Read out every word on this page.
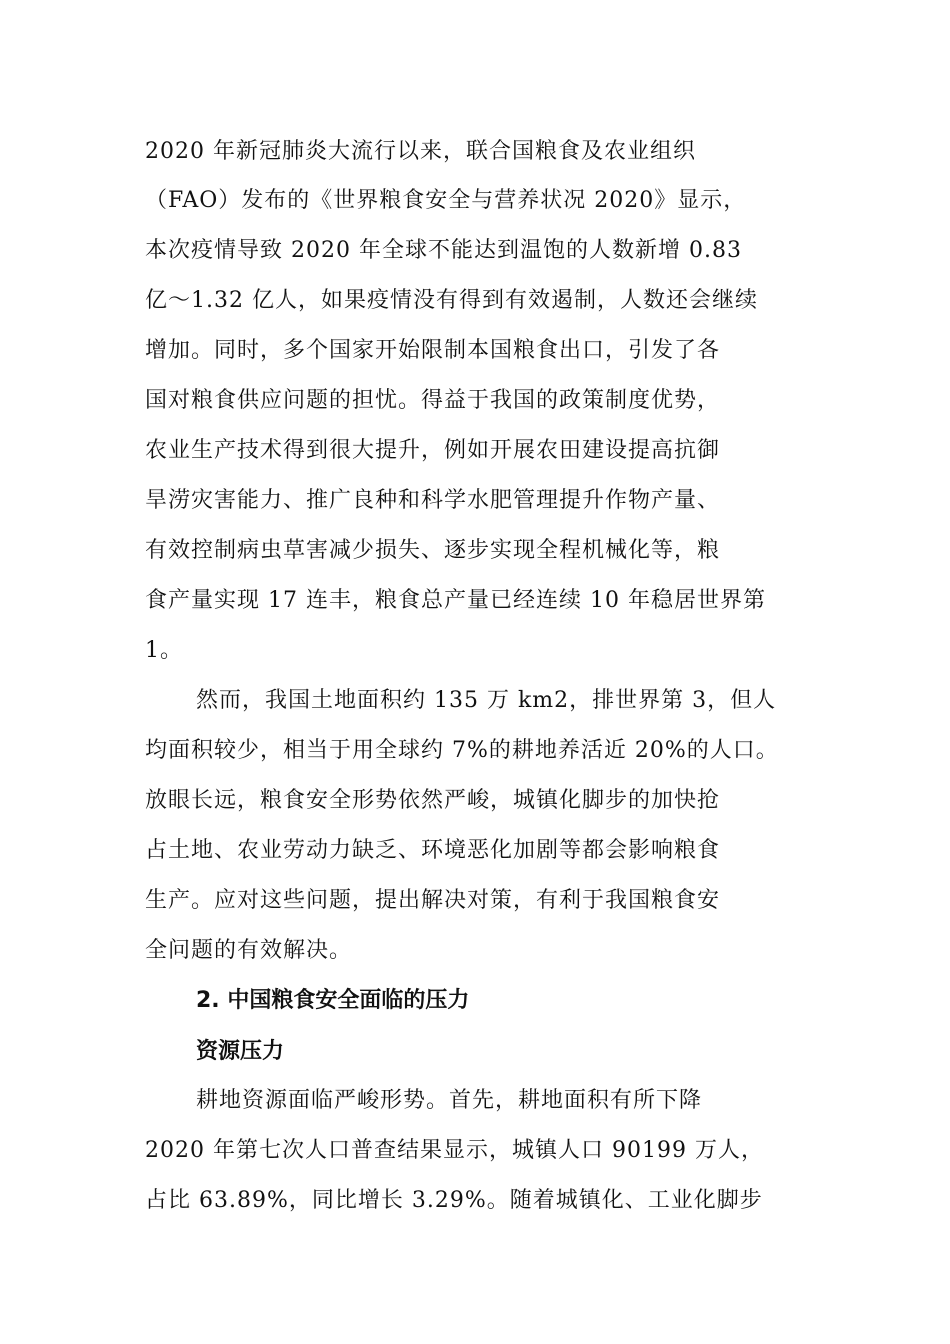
2020 年新冠肺炎大流行以来，联合国粮食及农业组织
（FAO）发布的《世界粮食安全与营养状况 2020》显示，
本次疫情导致 2020 年全球不能达到温饱的人数新增 0.83
亿～1.32 亿人，如果疫情没有得到有效遏制，人数还会继续
增加。同时，多个国家开始限制本国粮食出口，引发了各
国对粮食供应问题的担忧。得益于我国的政策制度优势，
农业生产技术得到很大提升，例如开展农田建设提高抗御
旱涝灾害能力、推广良种和科学水肥管理提升作物产量、
有效控制病虫草害减少损失、逐步实现全程机械化等，粮
食产量实现 17 连丰，粮食总产量已经连续 10 年稳居世界第
1。
然而，我国土地面积约 135 万 km2，排世界第 3，但人
均面积较少，相当于用全球约 7%的耕地养活近 20%的人口。
放眼长远，粮食安全形势依然严峻，城镇化脚步的加快抢
占土地、农业劳动力缺乏、环境恶化加剧等都会影响粮食
生产。应对这些问题，提出解决对策，有利于我国粮食安
全问题的有效解决。
2. 中国粮食安全面临的压力
资源压力
耕地资源面临严峻形势。首先，耕地面积有所下降
2020 年第七次人口普查结果显示，城镇人口 90199 万人，
占比 63.89%，同比增长 3.29%。随着城镇化、工业化脚步
